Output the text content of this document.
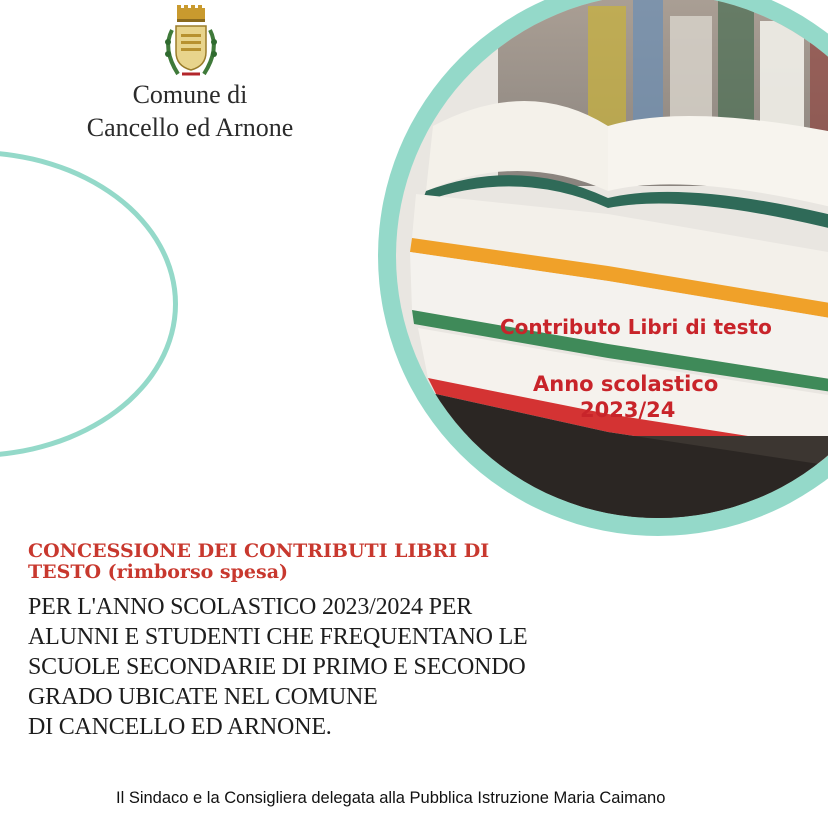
Contributo Libri di testo
Anno scolastico
2023/24
Comune di
Cancello ed Arnone
CONCESSIONE DEI CONTRIBUTI LIBRI DI
TESTO (rimborso spesa)
PER L'ANNO SCOLASTICO 2023/2024 PER
ALUNNI E STUDENTI CHE FREQUENTANO LE
SCUOLE SECONDARIE DI PRIMO E SECONDO
GRADO UBICATE NEL COMUNE
DI CANCELLO ED ARNONE.
Il Sindaco e la Consigliera delegata alla Pubblica Istruzione Maria Caimano
